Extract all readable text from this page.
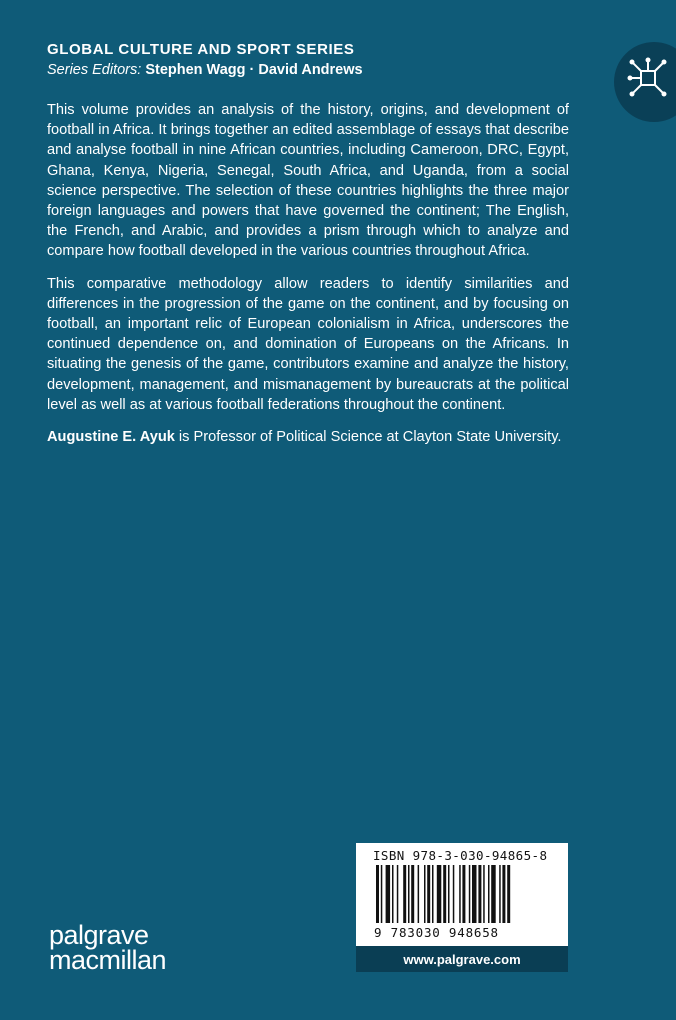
GLOBAL CULTURE AND SPORT SERIES
Series Editors: Stephen Wagg · David Andrews

This volume provides an analysis of the history, origins, and development of football in Africa. It brings together an edited assemblage of essays that describe and analyse football in nine African countries, including Cameroon, DRC, Egypt, Ghana, Kenya, Nigeria, Senegal, South Africa, and Uganda, from a social science perspective. The selection of these countries highlights the three major foreign languages and powers that have governed the continent; The English, the French, and Arabic, and provides a prism through which to analyze and compare how football developed in the various countries throughout Africa.

This comparative methodology allow readers to identify similarities and differences in the progression of the game on the continent, and by focusing on football, an important relic of European colonialism in Africa, underscores the continued dependence on, and domination of Europeans on the Africans. In situating the genesis of the game, contributors examine and analyze the history, development, management, and mismanagement by bureaucrats at the political level as well as at various football federations throughout the continent.

Augustine E. Ayuk is Professor of Political Science at Clayton State University.

ISBN 978-3-030-94865-8
9 783030 948658
www.palgrave.com
palgrave
macmillan
